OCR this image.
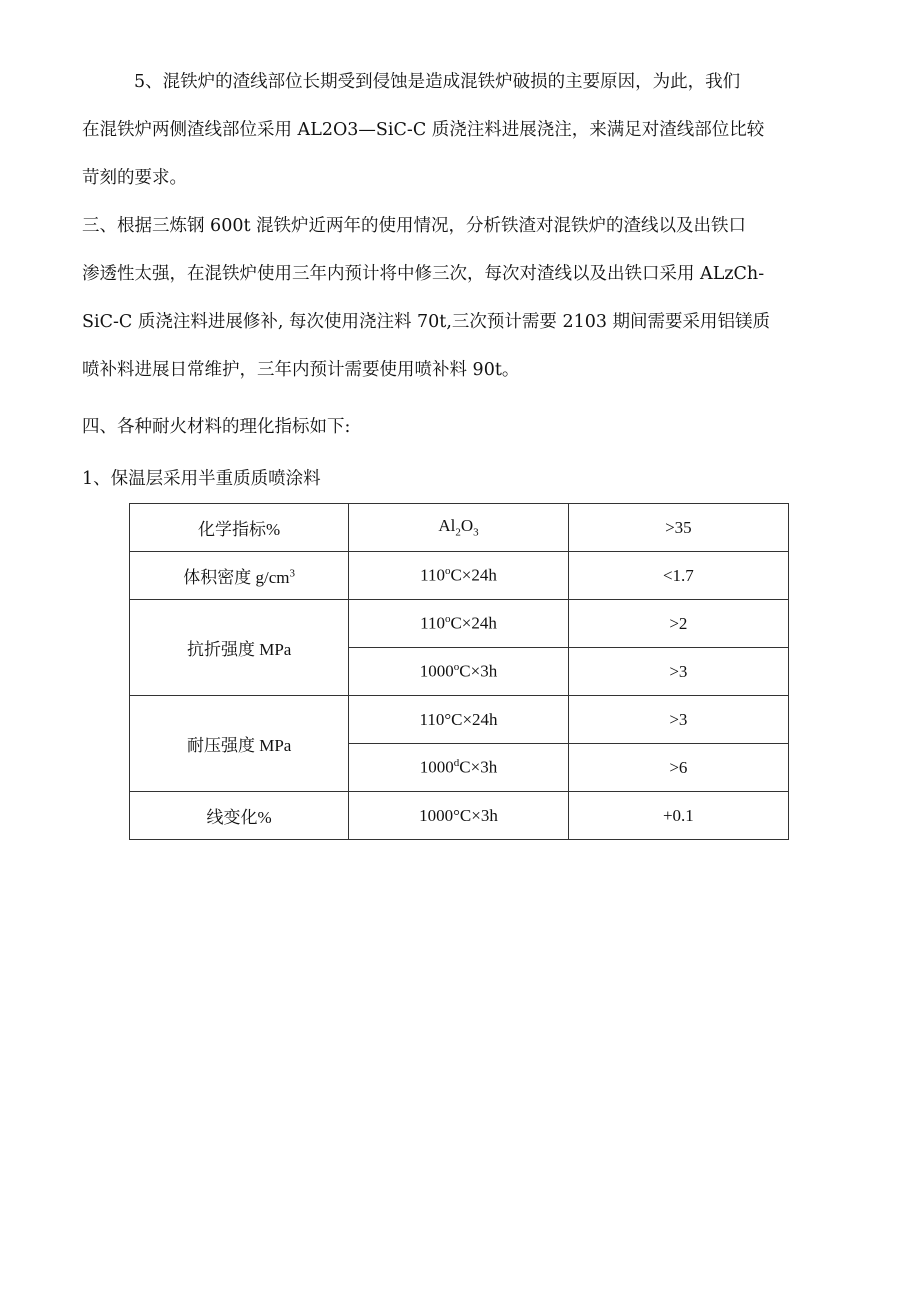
5、混铁炉的渣线部位长期受到侵蚀是造成混铁炉破损的主要原因，为此，我们
在混铁炉两侧渣线部位采用 AL2O3—SiC-C 质浇注料进展浇注，来满足对渣线部位比较
苛刻的要求。
三、根据三炼钢 600t 混铁炉近两年的使用情况，分析铁渣对混铁炉的渣线以及出铁口
渗透性太强，在混铁炉使用三年内预计将中修三次，每次对渣线以及出铁口采用 ALzCh-
SiC-C 质浇注料进展修补, 每次使用浇注料 70t,三次预计需要 2103 期间需要采用铝镁质
喷补料进展日常维护，三年内预计需要使用喷补料 90t。

四、各种耐火材料的理化指标如下:

1、保温层采用半重质质喷涂料

化学指标%	$Al_2O_3$	>35
体积密度 $g/cm^3$	$110^oC\times 24h$	<1.7
抗折强度 MPa	$110^oC\times 24h$	>2
	$1000^oC\times 3h$	>3
耐压强度 MPa	110°C×24h	>3
	$1000^dC\times 3h$	>6
线变化%	1000°C×3h	+0.1
